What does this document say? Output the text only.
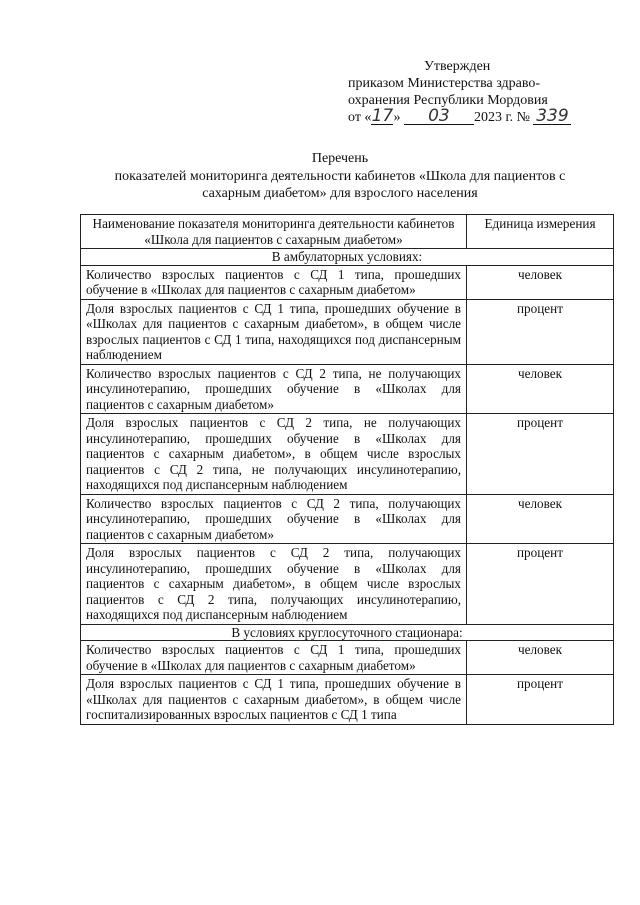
Утвержден
приказом Министерства здраво-
охранения Республики Мордовия
от «17» 03 2023 г. № 339
Перечень
показателей мониторинга деятельности кабинетов «Школа для пациентов с
сахарным диабетом» для взрослого населения
Наименование показателя мониторинга деятельности кабинетов «Школа для пациентов с сахарным диабетом»	Единица измерения
В амбулаторных условиях:	
Количество взрослых пациентов с СД 1 типа, прошедших обучение в «Школах для пациентов с сахарным диабетом»	человек
Доля взрослых пациентов с СД 1 типа, прошедших обучение в «Школах для пациентов с сахарным диабетом», в общем числе взрослых пациентов с СД 1 типа, находящихся под диспансерным наблюдением	процент
Количество взрослых пациентов с СД 2 типа, не получающих инсулинотерапию, прошедших обучение в «Школах для пациентов с сахарным диабетом»	человек
Доля взрослых пациентов с СД 2 типа, не получающих инсулинотерапию, прошедших обучение в «Школах для пациентов с сахарным диабетом», в общем числе взрослых пациентов с СД 2 типа, не получающих инсулинотерапию, находящихся под диспансерным наблюдением	процент
Количество взрослых пациентов с СД 2 типа, получающих инсулинотерапию, прошедших обучение в «Школах для пациентов с сахарным диабетом»	человек
Доля взрослых пациентов с СД 2 типа, получающих инсулинотерапию, прошедших обучение в «Школах для пациентов с сахарным диабетом», в общем числе взрослых пациентов с СД 2 типа, получающих инсулинотерапию, находящихся под диспансерным наблюдением	процент
В условиях круглосуточного стационара:	
Количество взрослых пациентов с СД 1 типа, прошедших обучение в «Школах для пациентов с сахарным диабетом»	человек
Доля взрослых пациентов с СД 1 типа, прошедших обучение в «Школах для пациентов с сахарным диабетом», в общем числе госпитализированных взрослых пациентов с СД 1 типа	процент
